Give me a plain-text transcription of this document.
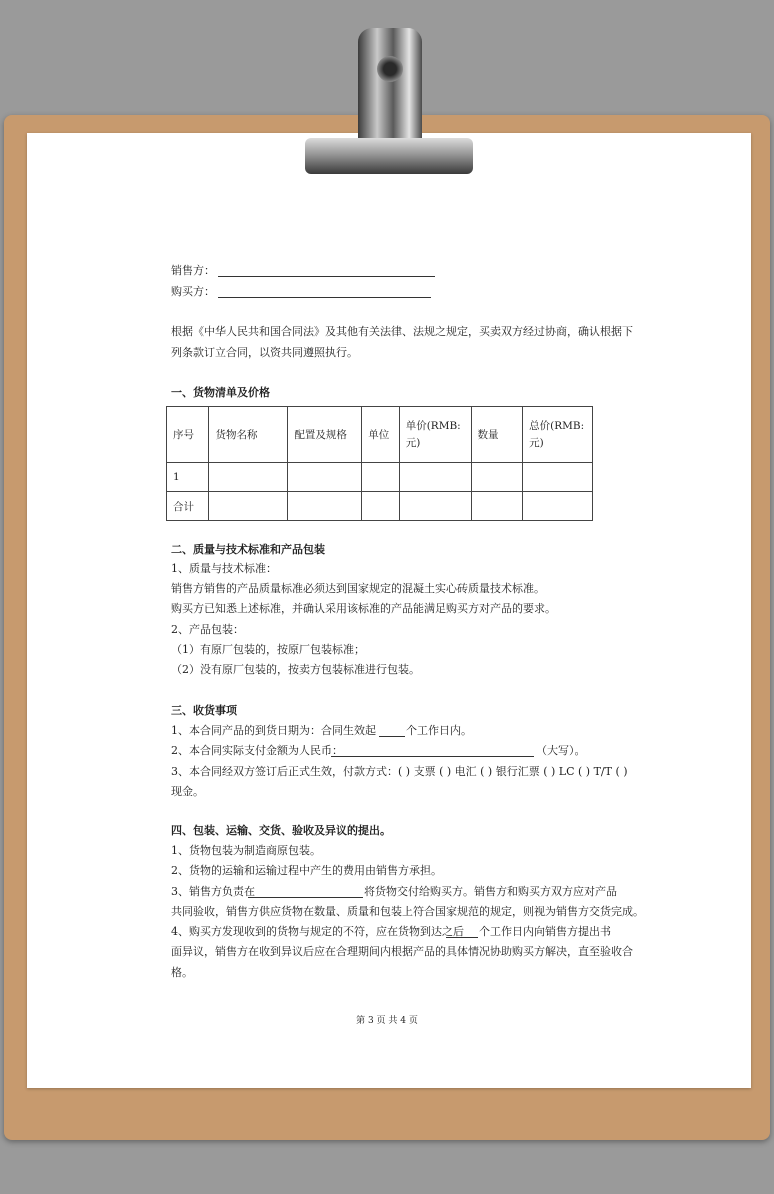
销售方：
购买方：
根据《中华人民共和国合同法》及其他有关法律、法规之规定，买卖双方经过协商，确认根据下
列条款订立合同，以资共同遵照执行。
一、货物清单及价格
序号	货物名称	配置及规格	单位	单价(RMB:元)	数量	总价(RMB:元)
1						
合计						
二、质量与技术标准和产品包装
1、质量与技术标准：
销售方销售的产品质量标准必须达到国家规定的混凝土实心砖质量技术标准。
购买方已知悉上述标准，并确认采用该标准的产品能满足购买方对产品的要求。
2、产品包装：
（1）有原厂包装的，按原厂包装标准；
（2）没有原厂包装的，按卖方包装标准进行包装。
三、收货事项
1、本合同产品的到货日期为：合同生效起	个工作日内。
2、本合同实际支付金额为人民币：	（大写）。
3、本合同经双方签订后正式生效，付款方式：( ) 支票 ( ) 电汇 ( ) 银行汇票 ( ) LC ( ) T/T ( )
现金。
四、包装、运输、交货、验收及异议的提出。
1、货物包装为制造商原包装。
2、货物的运输和运输过程中产生的费用由销售方承担。
3、销售方负责在	将货物交付给购买方。销售方和购买方双方应对产品
共同验收，销售方供应货物在数量、质量和包装上符合国家规范的规定，则视为销售方交货完成。
4、购买方发现收到的货物与规定的不符，应在货物到达之后 个工作日内向销售方提出书
面异议，销售方在收到异议后应在合理期间内根据产品的具体情况协助购买方解决，直至验收合
格。
第 3 页 共 4 页
